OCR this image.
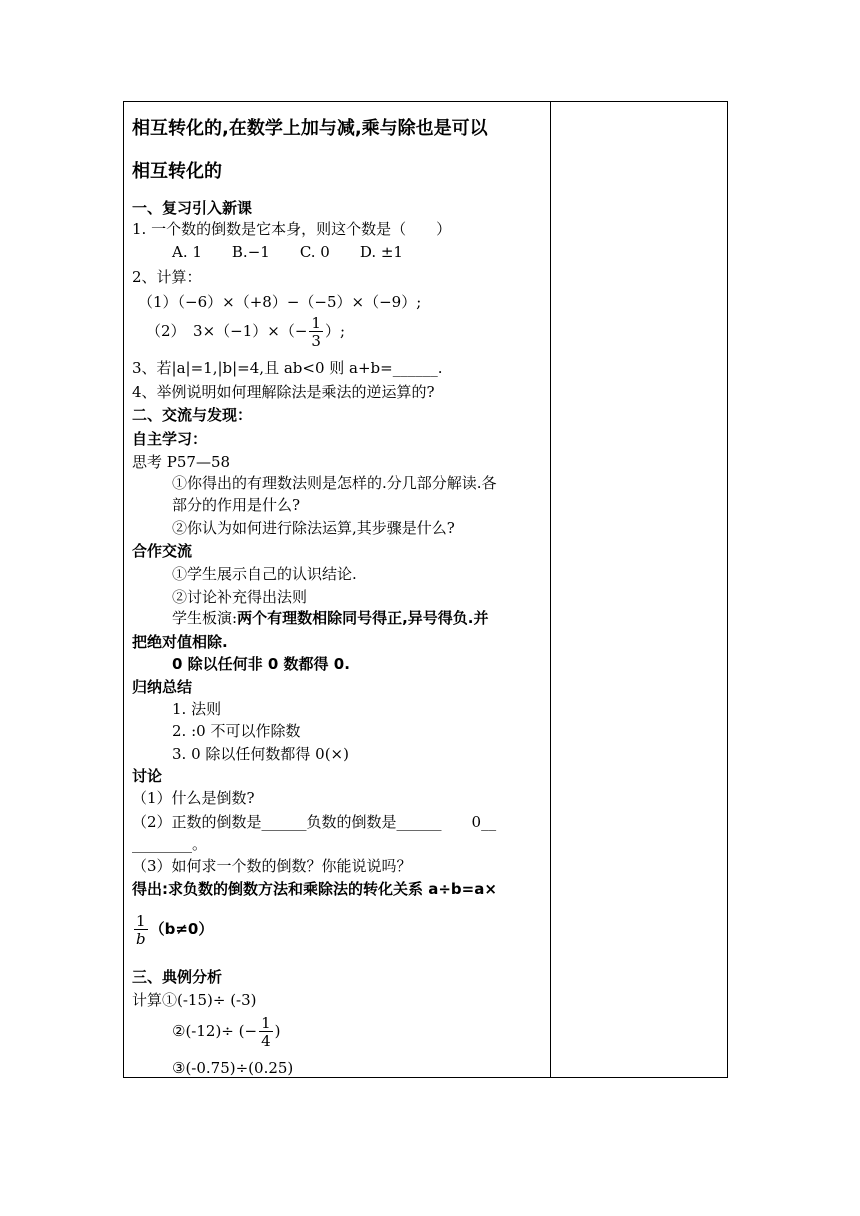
相互转化的,在数学上加与减,乘与除也是可以
相互转化的
一、复习引入新课
1. 一个数的倒数是它本身，则这个数是（　　）
A. 1　　B.−1　　C. 0　　D. ±1
2、计算：
（1）（−6）×（+8）−（−5）×（−9）;
（2）　$3\times(-1)\times(- \frac{1}{3}$ ）;
3、若|a|=1,|b|=4,且 ab<0 则 a+b=______.
4、举例说明如何理解除法是乘法的逆运算的?
二、交流与发现：
自主学习：
思考 P57—58
①你得出的有理数法则是怎样的.分几部分解读.各
部分的作用是什么?
②你认为如何进行除法运算,其步骤是什么?
合作交流
①学生展示自己的认识结论.
②讨论补充得出法则
学生板演:两个有理数相除同号得正,异号得负.并
把绝对值相除.
0 除以任何非 0 数都得 0.
归纳总结
1. 法则
2. :0 不可以作除数
3. 0 除以任何数都得 0(×)
讨论
（1）什么是倒数?
（2）正数的倒数是______负数的倒数是______　　0__
________。
（3）如何求一个数的倒数？你能说说吗？
得出:求负数的倒数方法和乘除法的转化关系 a÷b=a×
$\frac{1}{b} (b\ne 0)$
三、典例分析
计算①(-15)÷ (-3)
②(-12)÷ (− $\frac{1}{4}$ )
③(-0.75)÷(0.25)
